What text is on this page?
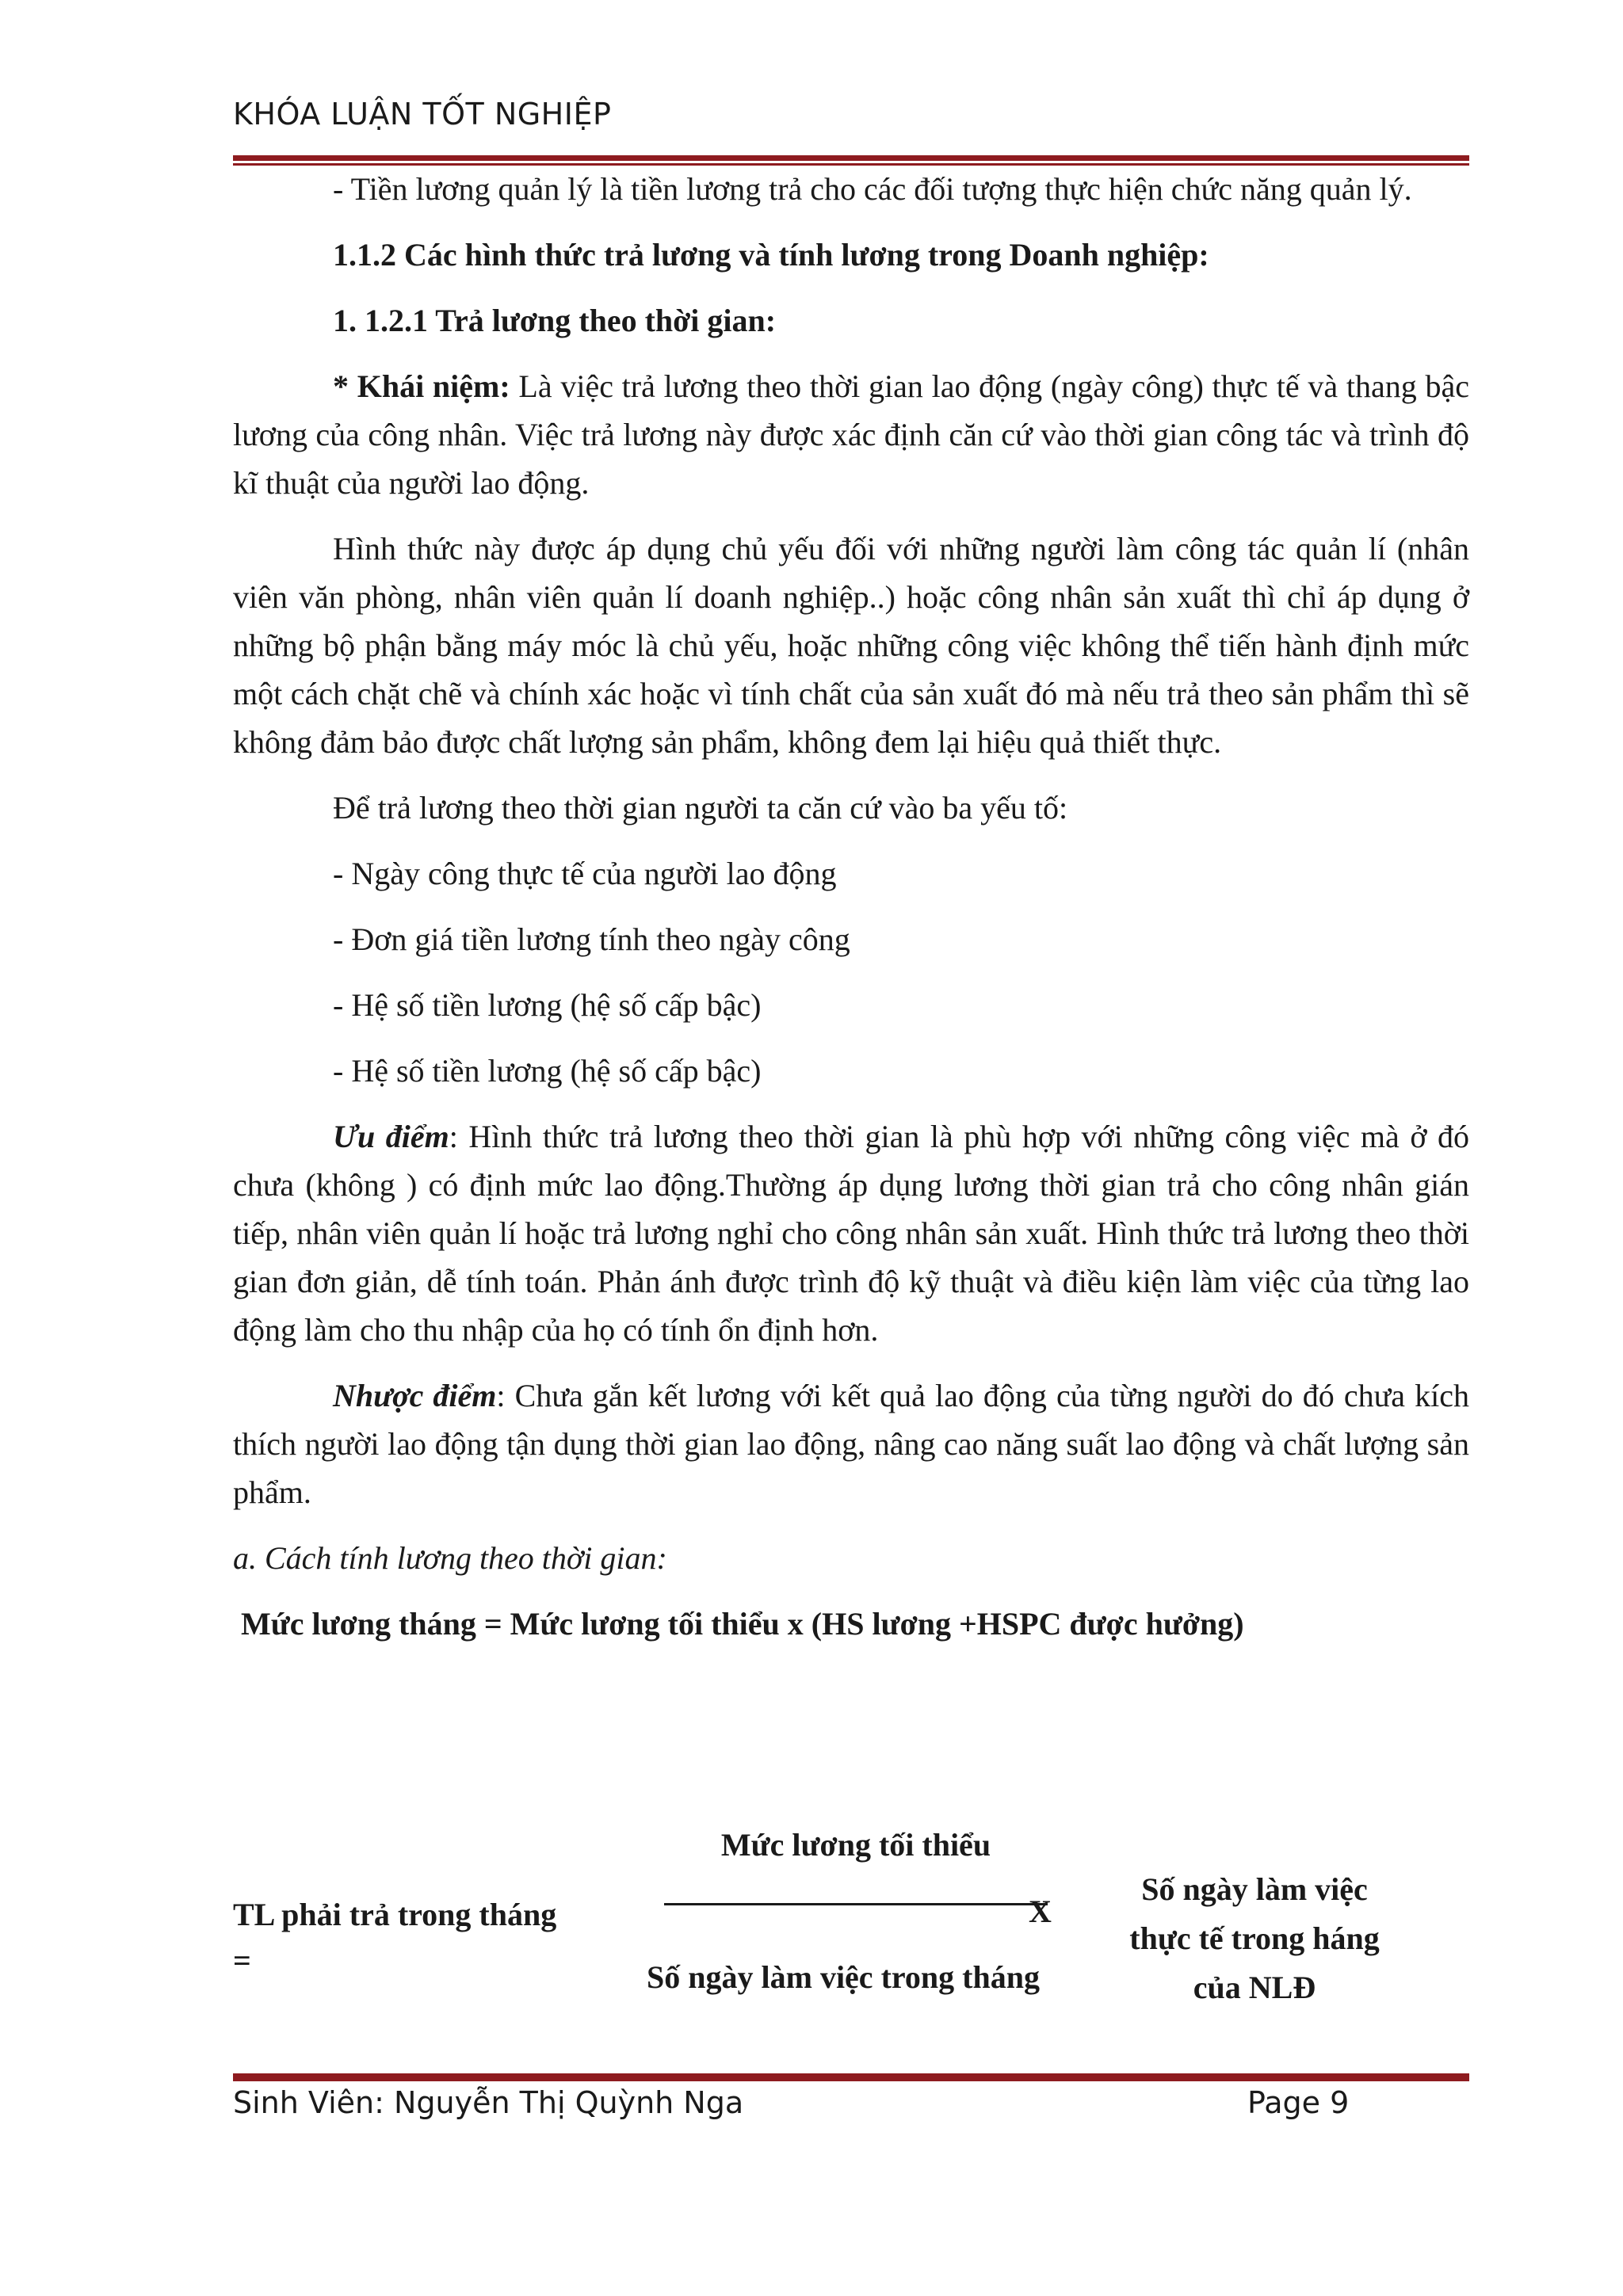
KHÓA LUẬN TỐT NGHIỆP

- Tiền lương quản lý là tiền lương trả cho các đối tượng thực hiện chức năng quản lý.

1.1.2 Các hình thức trả lương và tính lương trong Doanh nghiệp:

1. 1.2.1 Trả lương theo thời gian:

* Khái niệm: Là việc trả lương theo thời gian lao động (ngày công) thực tế và thang bậc lương của công nhân. Việc trả lương này được xác định căn cứ vào thời gian công tác và trình độ kĩ thuật của người lao động.

Hình thức này được áp dụng chủ yếu đối với những người làm công tác quản lí (nhân viên văn phòng, nhân viên quản lí doanh nghiệp..) hoặc công nhân sản xuất thì chỉ áp dụng ở những bộ phận bằng máy móc là chủ yếu, hoặc những công việc không thể tiến hành định mức một cách chặt chẽ và chính xác hoặc vì tính chất của sản xuất đó mà nếu trả theo sản phẩm thì sẽ không đảm bảo được chất lượng sản phẩm, không đem lại hiệu quả thiết thực.

Để trả lương theo thời gian người ta căn cứ vào ba yếu tố:

- Ngày công thực tế của người lao động

- Đơn giá tiền lương tính theo ngày công

- Hệ số tiền lương (hệ số cấp bậc)

- Hệ số tiền lương (hệ số cấp bậc)

Ưu điểm: Hình thức trả lương theo thời gian là phù hợp với những công việc mà ở đó chưa (không ) có định mức lao động.Thường áp dụng lương thời gian trả cho công nhân gián tiếp, nhân viên quản lí hoặc trả lương nghỉ cho công nhân sản xuất. Hình thức trả lương theo thời gian đơn giản, dễ tính toán. Phản ánh được trình độ kỹ thuật và điều kiện làm việc của từng lao động làm cho thu nhập của họ có tính ổn định hơn.

Nhược điểm: Chưa gắn kết lương với kết quả lao động của từng người do đó chưa kích thích người lao động tận dụng thời gian lao động, nâng cao năng suất lao động và chất lượng sản phẩm.

a. Cách tính lương theo thời gian:

Mức lương tháng = Mức lương tối thiểu x (HS lương +HSPC được hưởng)

TL phải trả trong tháng
=
Mức lương tối thiểu
X
Số ngày làm việc trong tháng
Số ngày làm việc thực tế trong háng của NLĐ
Sinh Viên: Nguyễn Thị Quỳnh Nga	Page 9
